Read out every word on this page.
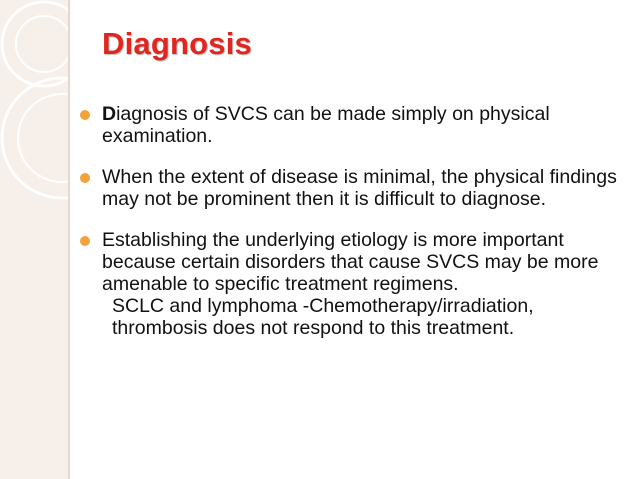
Diagnosis
Diagnosis of SVCS can be made simply on physical examination.
When the extent of disease is minimal, the physical findings may not be prominent then it is difficult to diagnose.
Establishing the underlying etiology is more important because certain disorders that cause SVCS may be more amenable to specific treatment regimens.
SCLC and lymphoma -Chemotherapy/irradiation, thrombosis does not respond to this treatment.
